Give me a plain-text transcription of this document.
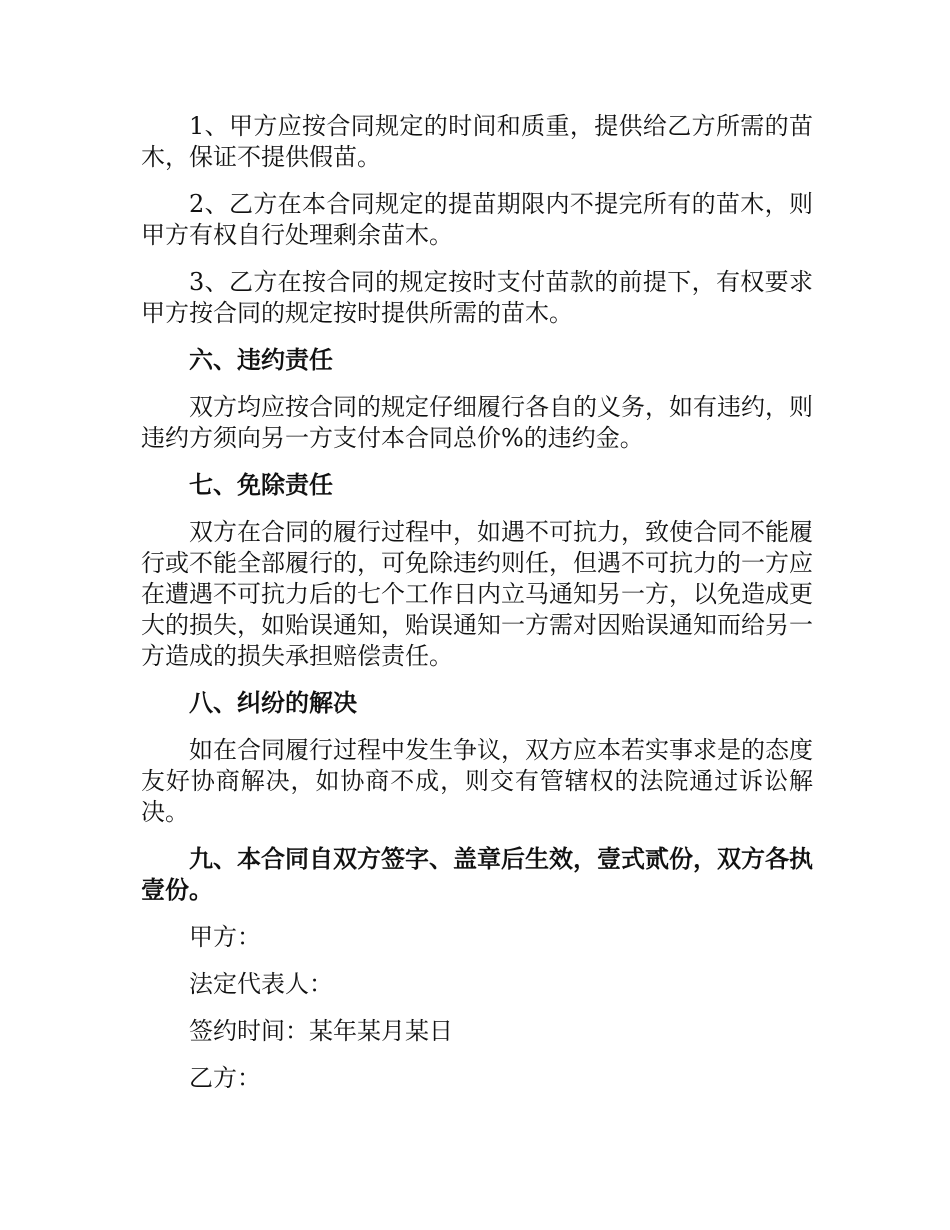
1、甲方应按合同规定的时间和质重，提供给乙方所需的苗木，保证不提供假苗。

2、乙方在本合同规定的提苗期限内不提完所有的苗木，则甲方有权自行处理剩余苗木。

3、乙方在按合同的规定按时支付苗款的前提下，有权要求甲方按合同的规定按时提供所需的苗木。

六、违约责任

双方均应按合同的规定仔细履行各自的义务，如有违约，则违约方须向另一方支付本合同总价%的违约金。

七、免除责任

双方在合同的履行过程中，如遇不可抗力，致使合同不能履行或不能全部履行的，可免除违约则任，但遇不可抗力的一方应在遭遇不可抗力后的七个工作日内立马通知另一方，以免造成更大的损失，如贻误通知，贻误通知一方需对因贻误通知而给另一方造成的损失承担赔偿责任。

八、纠纷的解决

如在合同履行过程中发生争议，双方应本若实事求是的态度友好协商解决，如协商不成，则交有管辖权的法院通过诉讼解决。

九、本合同自双方签字、盖章后生效，壹式贰份，双方各执壹份。

甲方：

法定代表人：

签约时间：某年某月某日

乙方：
